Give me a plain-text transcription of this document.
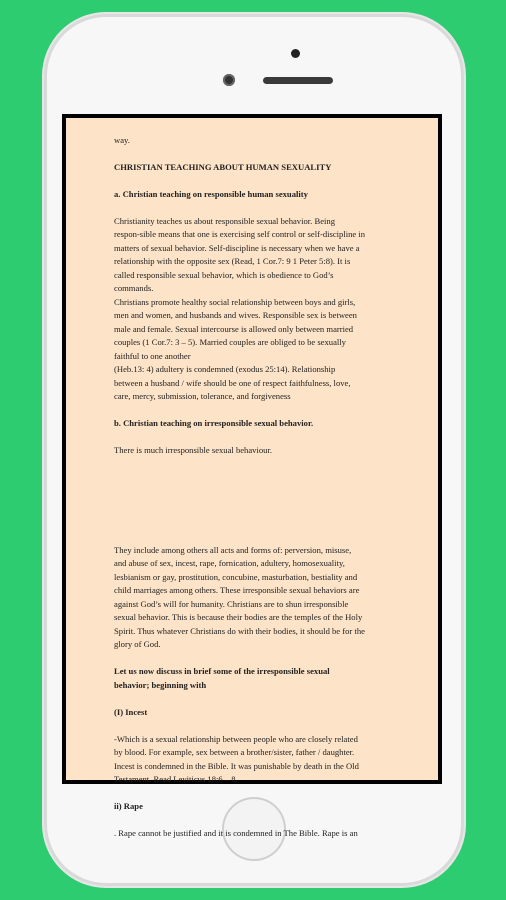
way.

CHRISTIAN TEACHING ABOUT HUMAN SEXUALITY

a. Christian teaching on responsible human sexuality

Christianity teaches us about responsible sexual behavior. Being
respon-sible means that one is exercising self control or self-discipline in
matters of sexual behavior. Self-discipline is necessary when we have a
relationship with the opposite sex (Read, 1 Cor.7: 9 1 Peter 5:8). It is
called responsible sexual behavior, which is obedience to God’s
commands.
Christians promote healthy social relationship between boys and girls,
men and women, and husbands and wives. Responsible sex is between
male and female. Sexual intercourse is allowed only between married
couples (1 Cor.7: 3 – 5). Married couples are obliged to be sexually
faithful to one another
(Heb.13: 4) adultery is condemned (exodus 25:14). Relationship
between a husband / wife should be one of respect faithfulness, love,
care, mercy, submission, tolerance, and forgiveness

b. Christian teaching on irresponsible sexual behavior.

There is much irresponsible sexual behaviour.

They include among others all acts and forms of: perversion, misuse,
and abuse of sex, incest, rape, fornication, adultery, homosexuality,
lesbianism or gay, prostitution, concubine, masturbation, bestiality and
child marriages among others. These irresponsible sexual behaviors are
against God’s will for humanity. Christians are to shun irresponsible
sexual behavior. This is because their bodies are the temples of the Holy
Spirit. Thus whatever Christians do with their bodies, it should be for the
glory of God.

Let us now discuss in brief some of the irresponsible sexual
behavior; beginning with

(I) Incest

-Which is a sexual relationship between people who are closely related
by blood. For example, sex between a brother/sister, father / daughter.
Incest is condemned in the Bible. It was punishable by death in the Old
Testament. Read Leviticus 18:6 – 8.

ii) Rape

. Rape cannot be justified and it is condemned in The Bible. Rape is an
